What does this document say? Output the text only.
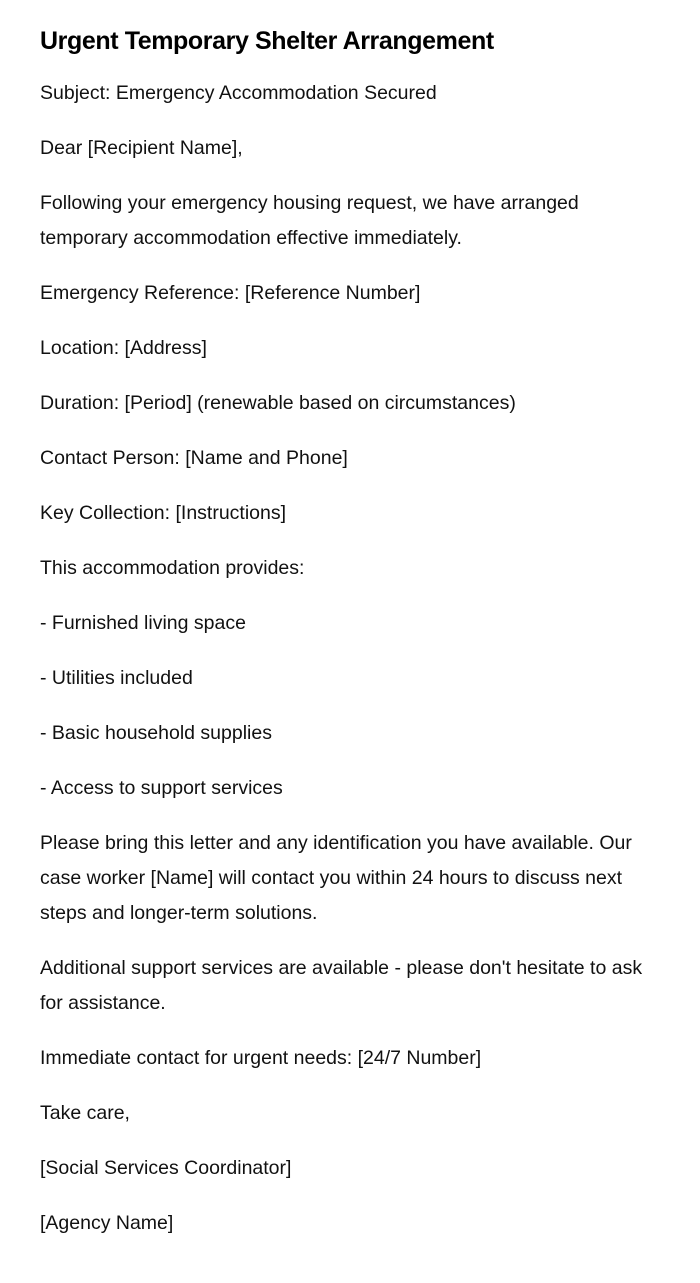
Urgent Temporary Shelter Arrangement

Subject: Emergency Accommodation Secured

Dear [Recipient Name],

Following your emergency housing request, we have arranged temporary accommodation effective immediately.

Emergency Reference: [Reference Number]

Location: [Address]

Duration: [Period] (renewable based on circumstances)

Contact Person: [Name and Phone]

Key Collection: [Instructions]

This accommodation provides:

- Furnished living space

- Utilities included

- Basic household supplies

- Access to support services

Please bring this letter and any identification you have available. Our case worker [Name] will contact you within 24 hours to discuss next steps and longer-term solutions.

Additional support services are available - please don't hesitate to ask for assistance.

Immediate contact for urgent needs: [24/7 Number]

Take care,

[Social Services Coordinator]

[Agency Name]
